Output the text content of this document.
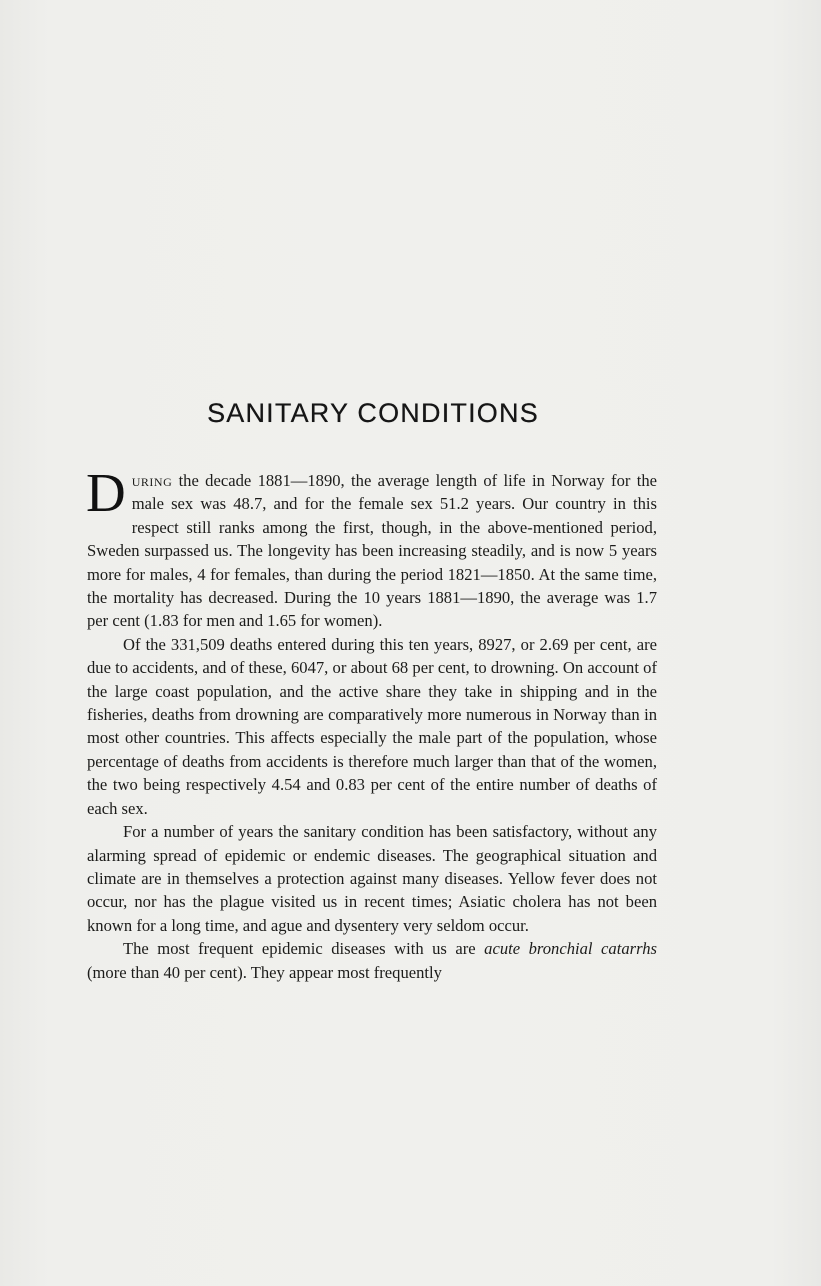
SANITARY CONDITIONS

During the decade 1881—1890, the average length of life in Norway for the male sex was 48.7, and for the female sex 51.2 years. Our country in this respect still ranks among the first, though, in the above-mentioned period, Sweden surpassed us. The longevity has been increasing steadily, and is now 5 years more for males, 4 for females, than during the period 1821—1850. At the same time, the mortality has decreased. During the 10 years 1881—1890, the average was 1.7 per cent (1.83 for men and 1.65 for women).

Of the 331,509 deaths entered during this ten years, 8927, or 2.69 per cent, are due to accidents, and of these, 6047, or about 68 per cent, to drowning. On account of the large coast population, and the active share they take in shipping and in the fisheries, deaths from drowning are comparatively more numerous in Norway than in most other countries. This affects especially the male part of the population, whose percentage of deaths from accidents is therefore much larger than that of the women, the two being respectively 4.54 and 0.83 per cent of the entire number of deaths of each sex.

For a number of years the sanitary condition has been satisfactory, without any alarming spread of epidemic or endemic diseases. The geographical situation and climate are in themselves a protection against many diseases. Yellow fever does not occur, nor has the plague visited us in recent times; Asiatic cholera has not been known for a long time, and ague and dysentery very seldom occur.

The most frequent epidemic diseases with us are acute bronchial catarrhs (more than 40 per cent). They appear most frequently
